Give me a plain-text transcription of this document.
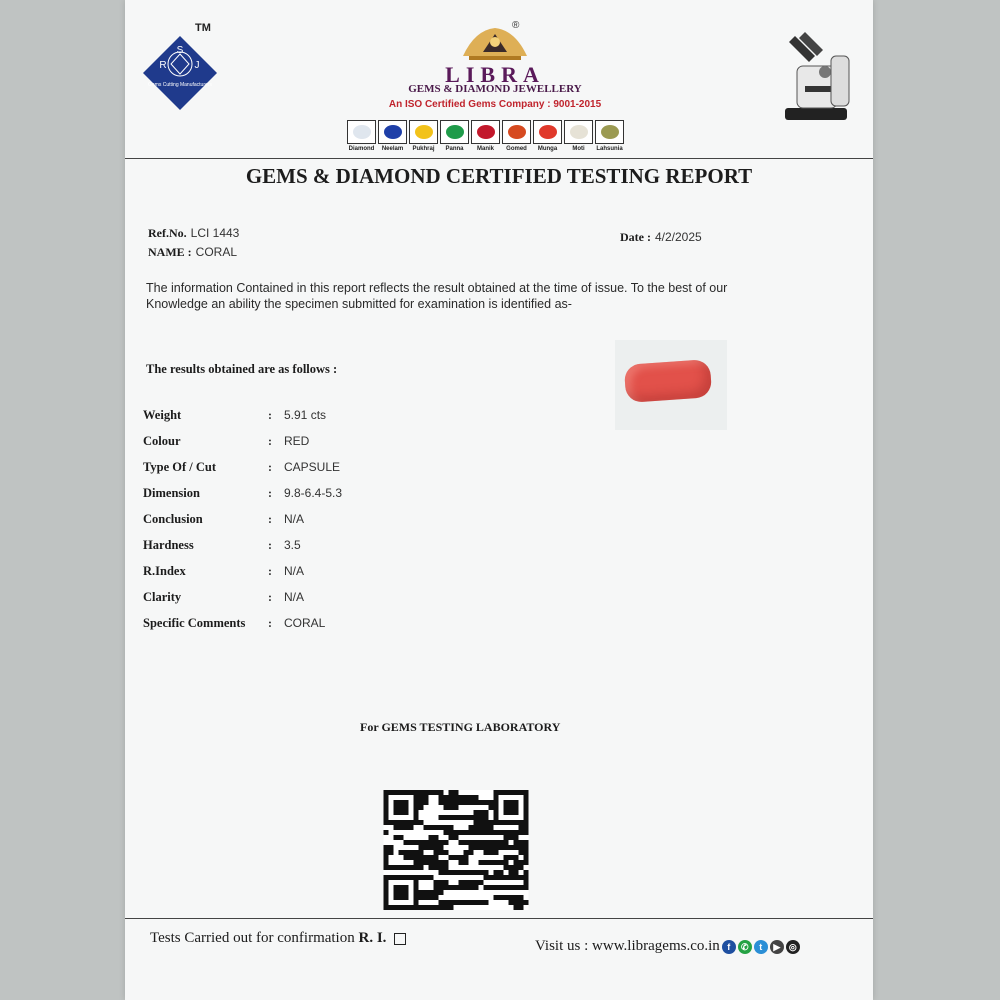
S
R	J
Gems Cutting Manufacturers
TM	®
LIBRA
GEMS & DIAMOND JEWELLERY
An ISO Certified Gems Company : 9001-2015
Diamond	Neelam	Pukhraj	Panna	Manik	Gomed	Munga	Moti	Lahsunia
GEMS & DIAMOND CERTIFIED TESTING REPORT
Ref.No. LCI 1443
NAME : CORAL
Date : 4/2/2025
The information Contained in this report reflects the result obtained at the time of issue. To the best of our Knowledge an ability the specimen submitted for examination is identified as-
The results obtained are as follows :
Weight	: 5.91 cts
Colour	: RED
Type Of / Cut	: CAPSULE
Dimension	: 9.8-6.4-5.3
Conclusion	: N/A
Hardness	: 3.5
R.Index	: N/A
Clarity	: N/A
Specific Comments	: CORAL
For GEMS TESTING LABORATORY
Tests Carried out for confirmation R. I.	Visit us : www.libragems.co.in f	✆	t	▶ ◎
